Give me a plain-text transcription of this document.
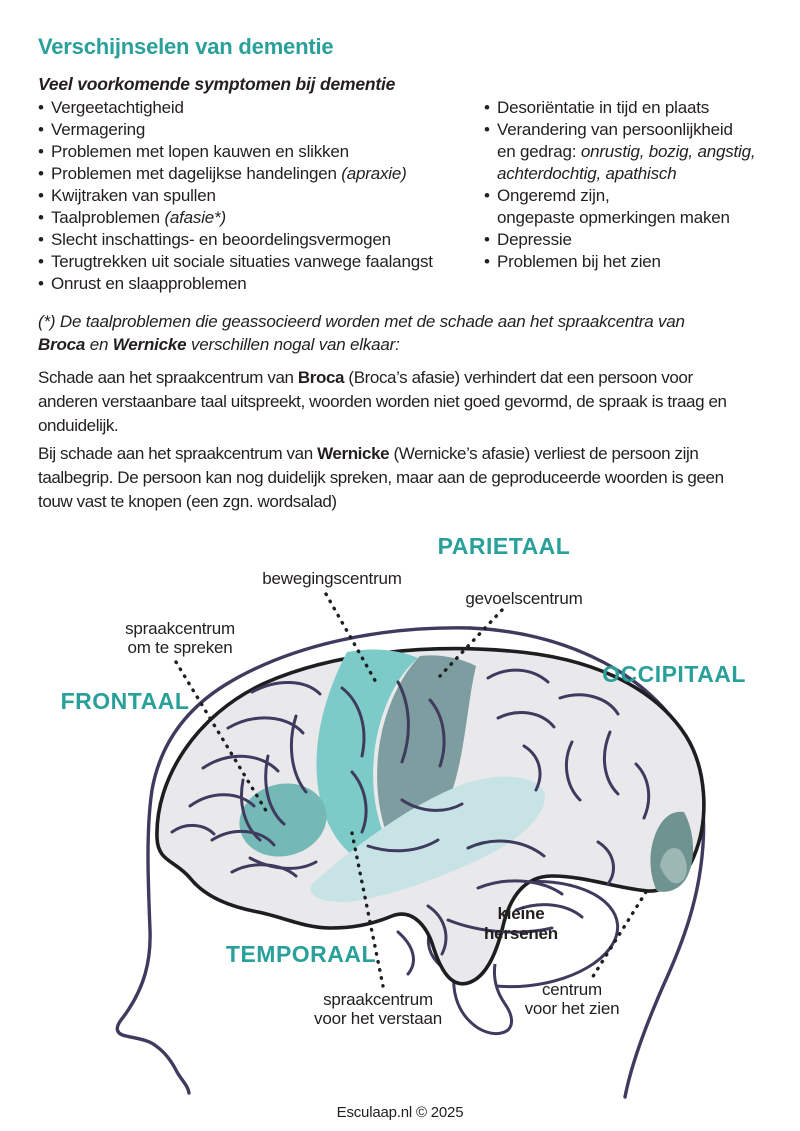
Verschijnselen van dementie
Veel voorkomende symptomen bij dementie
• Vergeetachtigheid
• Vermagering
• Problemen met lopen kauwen en slikken
• Problemen met dagelijkse handelingen (apraxie)
• Kwijtraken van spullen
• Taalproblemen (afasie*)
• Slecht inschattings- en beoordelingsvermogen
• Terugtrekken uit sociale situaties vanwege faalangst
• Onrust en slaapproblemen
• Desoriëntatie in tijd en plaats
• Verandering van persoonlijkheid
en gedrag: onrustig, bozig, angstig,
achterdochtig, apathisch
• Ongeremd zijn,
ongepaste opmerkingen maken
• Depressie
• Problemen bij het zien
(*) De taalproblemen die geassocieerd worden met de schade aan het spraakcentra van Broca en Wernicke verschillen nogal van elkaar:
Schade aan het spraakcentrum van Broca (Broca’s afasie) verhindert dat een persoon voor anderen verstaanbare taal uitspreekt, woorden worden niet goed gevormd, de spraak is traag en onduidelijk.
Bij schade aan het spraakcentrum van Wernicke (Wernicke’s afasie) verliest de persoon zijn taalbegrip. De persoon kan nog duidelijk spreken, maar aan de geproduceerde woorden is geen touw vast te knopen (een zgn. wordsalad)
FRONTAAL
PARIETAAL
OCCIPITAAL
TEMPORAAL
bewegingscentrum
gevoelscentrum
spraakcentrum
om te spreken
spraakcentrum
voor het verstaan
kleine
hersenen
centrum
voor het zien
Esculaap.nl © 2025
